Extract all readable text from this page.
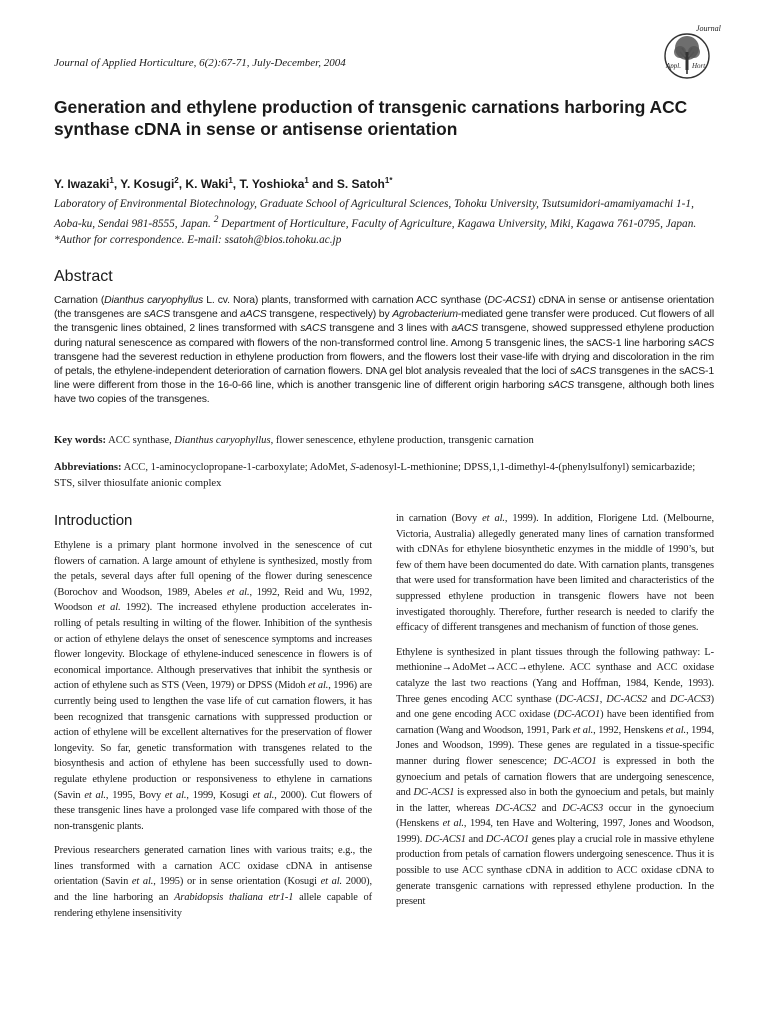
Journal of Applied Horticulture, 6(2):67-71, July-December, 2004
Journal
Appl. Hort.
Generation and ethylene production of transgenic carnations harboring ACC synthase cDNA in sense or antisense orientation
Y. Iwazaki$^1$, Y. Kosugi$^2$, K. Waki$^1$, T. Yoshioka$^1$ and S. Satoh$^{1*}$
Laboratory of Environmental Biotechnology, Graduate School of Agricultural Sciences, Tohoku University, Tsutsumidori-amamiyamachi 1-1, Aoba-ku, Sendai 981-8555, Japan. $^2$ Department of Horticulture, Faculty of Agriculture, Kagawa University, Miki, Kagawa 761-0795, Japan. *Author for correspondence. E-mail: ssatoh@bios.tohoku.ac.jp
Abstract
Carnation (Dianthus caryophyllus L. cv. Nora) plants, transformed with carnation ACC synthase (DC-ACS1) cDNA in sense or antisense orientation (the transgenes are sACS transgene and aACS transgene, respectively) by Agrobacterium-mediated gene transfer were produced. Cut flowers of all the transgenic lines obtained, 2 lines transformed with sACS transgene and 3 lines with aACS transgene, showed suppressed ethylene production during natural senescence as compared with flowers of the non-transformed control line. Among 5 transgenic lines, the sACS-1 line harboring sACS transgene had the severest reduction in ethylene production from flowers, and the flowers lost their vase-life with drying and discoloration in the rim of petals, the ethylene-independent deterioration of carnation flowers. DNA gel blot analysis revealed that the loci of sACS transgenes in the sACS-1 line were different from those in the 16-0-66 line, which is another transgenic line of different origin harboring sACS transgene, although both lines have two copies of the transgenes.
Key words: ACC synthase, Dianthus caryophyllus, flower senescence, ethylene production, transgenic carnation
Abbreviations: ACC, 1-aminocyclopropane-1-carboxylate; AdoMet, S-adenosyl-L-methionine; DPSS,1,1-dimethyl-4-(phenylsulfonyl) semicarbazide; STS, silver thiosulfate anionic complex
Introduction

Ethylene is a primary plant hormone involved in the senescence of cut flowers of carnation. A large amount of ethylene is synthesized, mostly from the petals, several days after full opening of the flower during senescence (Borochov and Woodson, 1989, Abeles et al., 1992, Reid and Wu, 1992, Woodson et al. 1992). The increased ethylene production accelerates in-rolling of petals resulting in wilting of the flower. Inhibition of the synthesis or action of ethylene delays the onset of senescence symptoms and increases flower longevity. Blockage of ethylene-induced senescence in flowers is of economical importance. Although preservatives that inhibit the synthesis or action of ethylene such as STS (Veen, 1979) or DPSS (Midoh et al., 1996) are currently being used to lengthen the vase life of cut carnation flowers, it has been recognized that transgenic carnations with suppressed production or action of ethylene will be excellent alternatives for the preservation of flower longevity. So far, genetic transformation with transgenes related to the biosynthesis and action of ethylene has been successfully used to down-regulate ethylene production or responsiveness to ethylene in carnations (Savin et al., 1995, Bovy et al., 1999, Kosugi et al., 2000). Cut flowers of these transgenic lines have a prolonged vase life compared with those of the non-transgenic plants.

Previous researchers generated carnation lines with various traits; e.g., the lines transformed with a carnation ACC oxidase cDNA in antisense orientation (Savin et al., 1995) or in sense orientation (Kosugi et al. 2000), and the line harboring an Arabidopsis thaliana etr1-1 allele capable of rendering ethylene insensitivity

in carnation (Bovy et al., 1999). In addition, Florigene Ltd. (Melbourne, Victoria, Australia) allegedly generated many lines of carnation transformed with cDNAs for ethylene biosynthetic enzymes in the middle of 1990’s, but few of them have been documented do date. With carnation plants, transgenes that were used for transformation have been limited and characteristics of the suppressed ethylene production in transgenic flowers have not been investigated thoroughly. Therefore, further research is needed to clarify the efficacy of different transgenes and mechanism of function of those genes.

Ethylene is synthesized in plant tissues through the following pathway: L-methionine→AdoMet→ACC→ethylene. ACC synthase and ACC oxidase catalyze the last two reactions (Yang and Hoffman, 1984, Kende, 1993). Three genes encoding ACC synthase (DC-ACS1, DC-ACS2 and DC-ACS3) and one gene encoding ACC oxidase (DC-ACO1) have been identified from carnation (Wang and Woodson, 1991, Park et al., 1992, Henskens et al., 1994, Jones and Woodson, 1999). These genes are regulated in a tissue-specific manner during flower senescence; DC-ACO1 is expressed in both the gynoecium and petals of carnation flowers that are undergoing senescence, and DC-ACS1 is expressed also in both the gynoecium and petals, but mainly in the latter, whereas DC-ACS2 and DC-ACS3 occur in the gynoecium (Henskens et al., 1994, ten Have and Woltering, 1997, Jones and Woodson, 1999). DC-ACS1 and DC-ACO1 genes play a crucial role in massive ethylene production from petals of carnation flowers undergoing senescence. Thus it is possible to use ACC synthase cDNA in addition to ACC oxidase cDNA to generate transgenic carnations with repressed ethylene production. In the present
